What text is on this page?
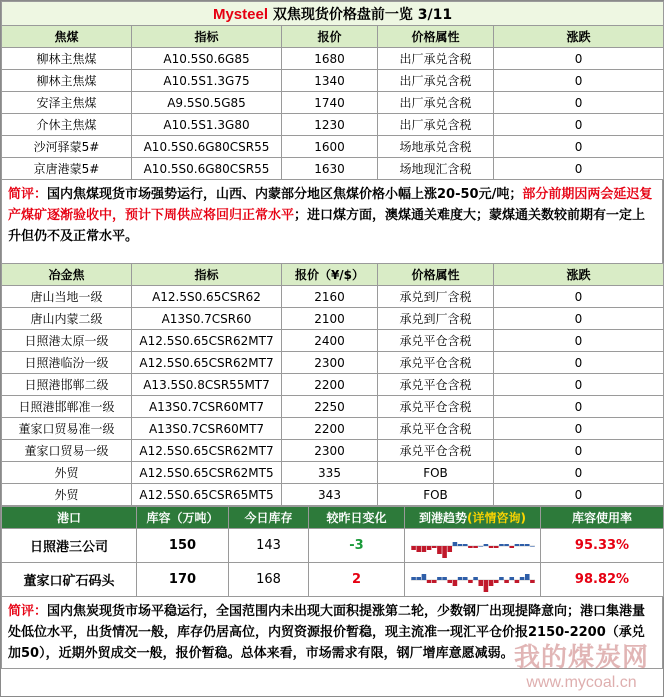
Mysteel 双焦现货价格盘前一览 3/11				
焦煤	指标	报价	价格属性	涨跌
柳林主焦煤	A10.5S0.6G85	1680	出厂承兑含税	0
柳林主焦煤	A10.5S1.3G75	1340	出厂承兑含税	0
安泽主焦煤	A9.5S0.5G85	1740	出厂承兑含税	0
介休主焦煤	A10.5S1.3G80	1230	出厂承兑含税	0
沙河驿蒙5#	A10.5S0.6G80CSR55	1600	场地承兑含税	0
京唐港蒙5#	A10.5S0.6G80CSR55	1630	场地现汇含税	0
简评：国内焦煤现货市场强势运行，山西、内蒙部分地区焦煤价格小幅上涨20-50元/吨；部分前期因两会延迟复产煤矿逐渐验收中，预计下周供应将回归正常水平；进口煤方面，澳煤通关难度大；蒙煤通关数较前期有一定上升但仍不及正常水平。
冶金焦	指标	报价（¥/$）	价格属性	涨跌
唐山当地一级	A12.5S0.65CSR62	2160	承兑到厂含税	0
唐山内蒙二级	A13S0.7CSR60	2100	承兑到厂含税	0
日照港太原一级	A12.5S0.65CSR62MT7	2400	承兑平仓含税	0
日照港临汾一级	A12.5S0.65CSR62MT7	2300	承兑平仓含税	0
日照港邯郸二级	A13.5S0.8CSR55MT7	2200	承兑平仓含税	0
日照港邯郸准一级	A13S0.7CSR60MT7	2250	承兑平仓含税	0
董家口贸易准一级	A13S0.7CSR60MT7	2200	承兑平仓含税	0
董家口贸易一级	A12.5S0.65CSR62MT7	2300	承兑平仓含税	0
外贸	A12.5S0.65CSR62MT5	335	FOB	0
外贸	A12.5S0.65CSR65MT5	343	FOB	0
港口	库容（万吨）	今日库存	较昨日变化	到港趋势(详情咨询)	库容使用率
日照港三公司	150	143	-3		95.33%
董家口矿石码头	170	168	2		98.82%
简评：国内焦炭现货市场平稳运行，全国范围内未出现大面积提涨第二轮，少数钢厂出现提降意向；港口集港量处低位水平，出货情况一般，库存仍居高位，内贸资源报价暂稳，现主流准一现汇平仓价报2150-2200（承兑加50），近期外贸成交一般，报价暂稳。总体来看，市场需求有限，钢厂增库意愿减弱。 我的煤炭网
www.mycoal.cn
